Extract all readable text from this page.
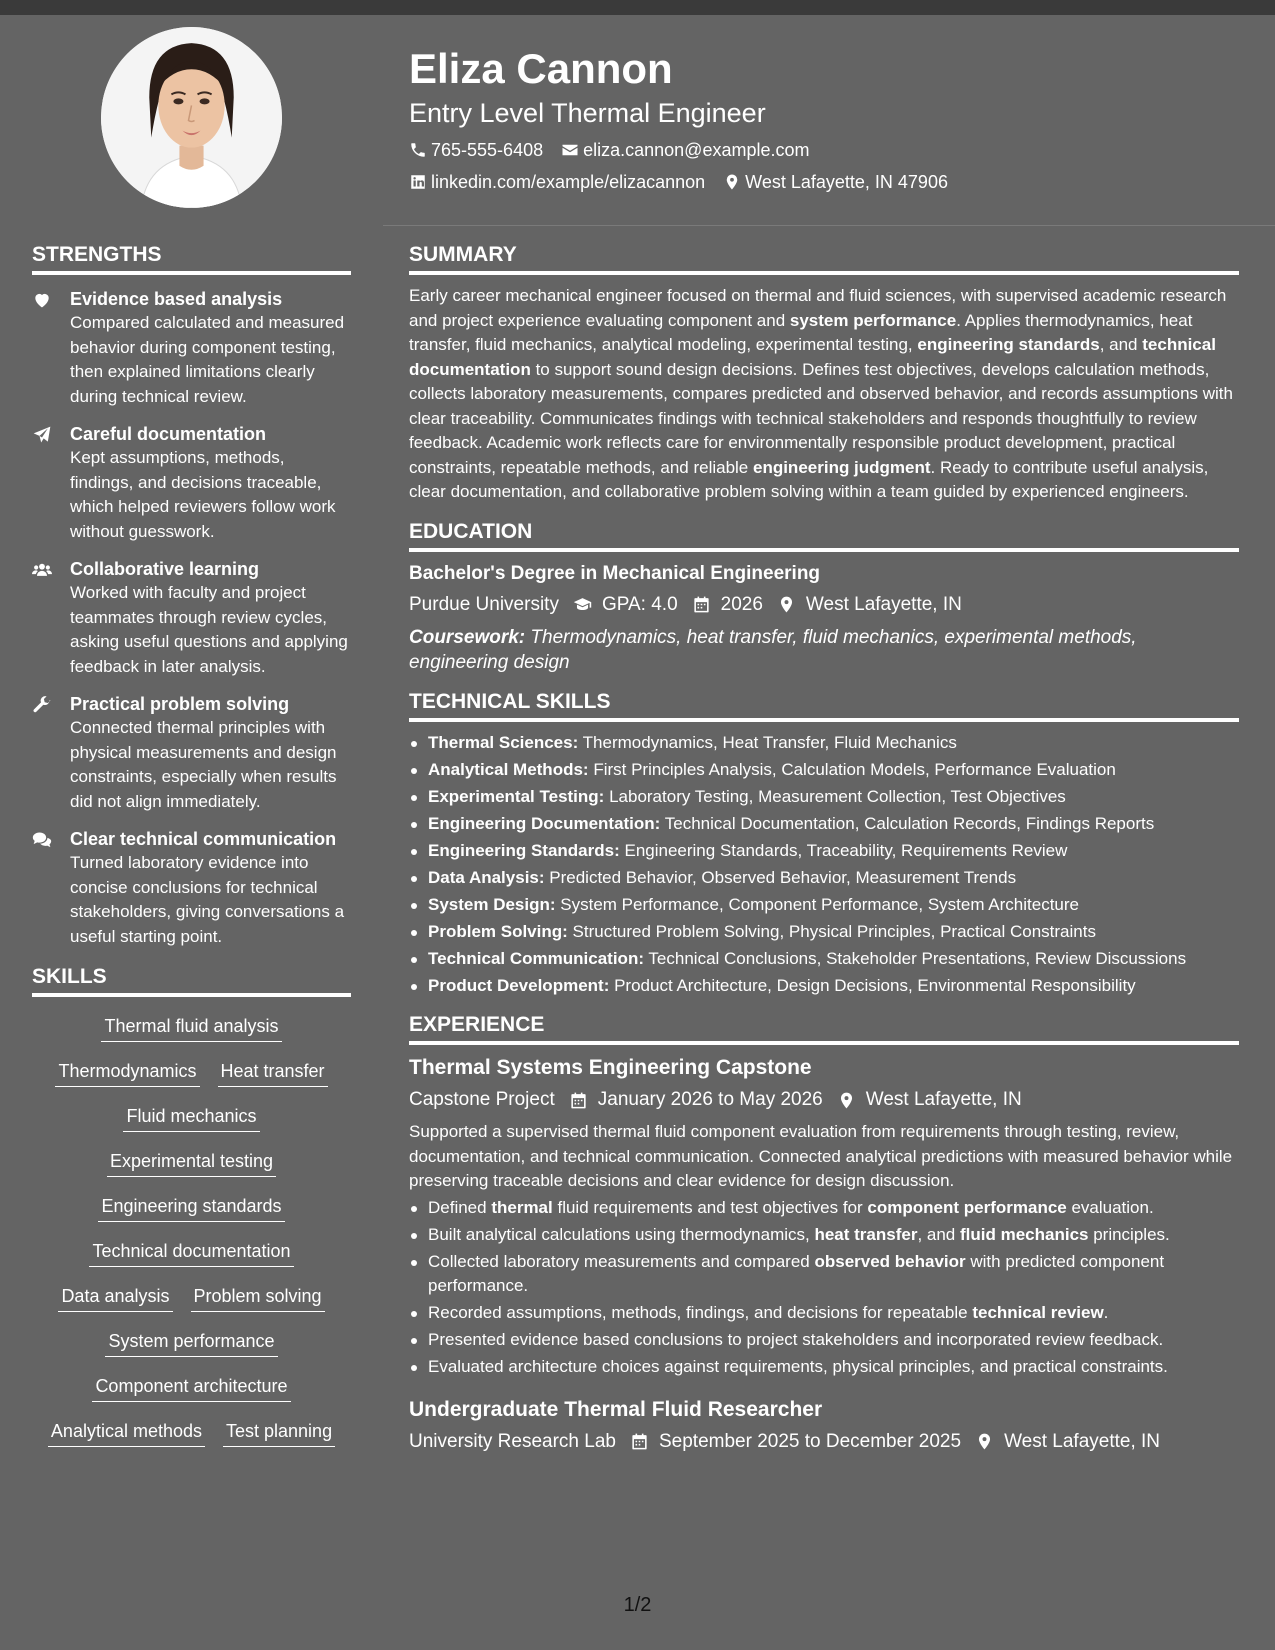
Eliza Cannon
Entry Level Thermal Engineer
765-555-6408 eliza.cannon@example.com
linkedin.com/example/elizacannon West Lafayette, IN 47906
STRENGTHS
Evidence based analysis
Compared calculated and measured behavior during component testing, then explained limitations clearly during technical review.
Careful documentation
Kept assumptions, methods, findings, and decisions traceable, which helped reviewers follow work without guesswork.
Collaborative learning
Worked with faculty and project teammates through review cycles, asking useful questions and applying feedback in later analysis.
Practical problem solving
Connected thermal principles with physical measurements and design constraints, especially when results did not align immediately.
Clear technical communication
Turned laboratory evidence into concise conclusions for technical stakeholders, giving conversations a useful starting point.
SKILLS
Thermal fluid analysis
Thermodynamics Heat transfer
Fluid mechanics
Experimental testing
Engineering standards
Technical documentation
Data analysis Problem solving
System performance
Component architecture
Analytical methods Test planning
SUMMARY
Early career mechanical engineer focused on thermal and fluid sciences, with supervised academic research and project experience evaluating component and system performance. Applies thermodynamics, heat transfer, fluid mechanics, analytical modeling, experimental testing, engineering standards, and technical documentation to support sound design decisions. Defines test objectives, develops calculation methods, collects laboratory measurements, compares predicted and observed behavior, and records assumptions with clear traceability. Communicates findings with technical stakeholders and responds thoughtfully to review feedback. Academic work reflects care for environmentally responsible product development, practical constraints, repeatable methods, and reliable engineering judgment. Ready to contribute useful analysis, clear documentation, and collaborative problem solving within a team guided by experienced engineers.
EDUCATION
Bachelor's Degree in Mechanical Engineering
Purdue University GPA: 4.0 2026 West Lafayette, IN
Coursework: Thermodynamics, heat transfer, fluid mechanics, experimental methods, engineering design
TECHNICAL SKILLS
Thermal Sciences: Thermodynamics, Heat Transfer, Fluid Mechanics
Analytical Methods: First Principles Analysis, Calculation Models, Performance Evaluation
Experimental Testing: Laboratory Testing, Measurement Collection, Test Objectives
Engineering Documentation: Technical Documentation, Calculation Records, Findings Reports
Engineering Standards: Engineering Standards, Traceability, Requirements Review
Data Analysis: Predicted Behavior, Observed Behavior, Measurement Trends
System Design: System Performance, Component Performance, System Architecture
Problem Solving: Structured Problem Solving, Physical Principles, Practical Constraints
Technical Communication: Technical Conclusions, Stakeholder Presentations, Review Discussions
Product Development: Product Architecture, Design Decisions, Environmental Responsibility
EXPERIENCE
Thermal Systems Engineering Capstone
Capstone Project January 2026 to May 2026 West Lafayette, IN
Supported a supervised thermal fluid component evaluation from requirements through testing, review, documentation, and technical communication. Connected analytical predictions with measured behavior while preserving traceable decisions and clear evidence for design discussion.
Defined thermal fluid requirements and test objectives for component performance evaluation.
Built analytical calculations using thermodynamics, heat transfer, and fluid mechanics principles.
Collected laboratory measurements and compared observed behavior with predicted component performance.
Recorded assumptions, methods, findings, and decisions for repeatable technical review.
Presented evidence based conclusions to project stakeholders and incorporated review feedback.
Evaluated architecture choices against requirements, physical principles, and practical constraints.
Undergraduate Thermal Fluid Researcher
University Research Lab September 2025 to December 2025 West Lafayette, IN
1/2
